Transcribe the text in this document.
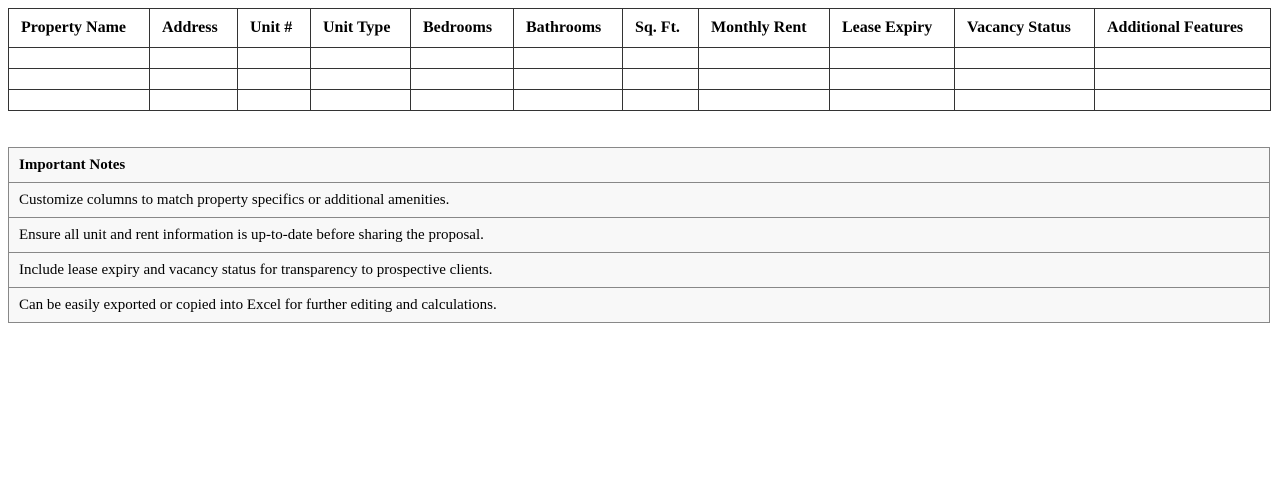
Property Name	Address	Unit #	Unit Type	Bedrooms	Bathrooms	Sq. Ft.	Monthly Rent	Lease Expiry	Vacancy Status	Additional Features

Important Notes
Customize columns to match property specifics or additional amenities.
Ensure all unit and rent information is up-to-date before sharing the proposal.
Include lease expiry and vacancy status for transparency to prospective clients.
Can be easily exported or copied into Excel for further editing and calculations.
